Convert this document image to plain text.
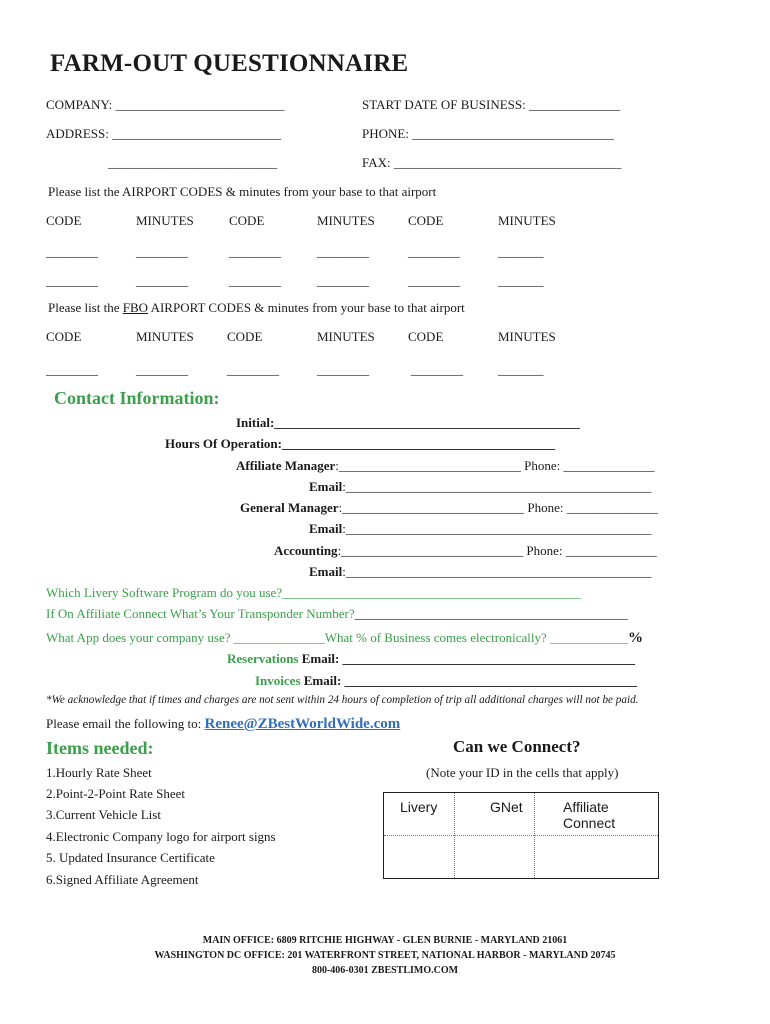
FARM-OUT QUESTIONNAIRE
COMPANY: __________________________	START DATE OF BUSINESS: ______________
ADDRESS: __________________________	PHONE: _______________________________
__________________________	FAX: ___________________________________
Please list the AIRPORT CODES & minutes from your base to that airport
CODE	MINUTES	CODE	MINUTES	CODE	MINUTES
________	________	________	________	________	_______
________	________	________	________	________	_______
Please list the FBO AIRPORT CODES & minutes from your base to that airport
CODE	MINUTES	CODE	MINUTES	CODE	MINUTES
________	________	________	________	________	_______
Contact Information:
Initial:_______________________________________________
Hours Of Operation:__________________________________________
Affiliate Manager:____________________________ Phone: ______________
Email:_______________________________________________
General Manager:____________________________ Phone: ______________
Email:_______________________________________________
Accounting:____________________________ Phone: ______________
Email:_______________________________________________
Which Livery Software Program do you use?______________________________________________
If On Affiliate Connect What’s Your Transponder Number?__________________________________________
What App does your company use? ______________What % of Business comes electronically? ____________%
Reservations Email: _____________________________________________
Invoices Email: _____________________________________________
*We acknowledge that if times and charges are not sent within 24 hours of completion of trip all additional charges will not be paid.
Please email the following to: Renee@ZBestWorldWide.com
Items needed:
1.Hourly Rate Sheet
2.Point-2-Point Rate Sheet
3.Current Vehicle List
4.Electronic Company logo for airport signs
5. Updated Insurance Certificate
6.Signed Affiliate Agreement
Can we Connect?
(Note your ID in the cells that apply)
Livery	GNet	Affiliate Connect
MAIN OFFICE: 6809 RITCHIE HIGHWAY - GLEN BURNIE - MARYLAND 21061
WASHINGTON DC OFFICE: 201 WATERFRONT STREET, NATIONAL HARBOR - MARYLAND 20745
800-406-0301 ZBESTLIMO.COM
